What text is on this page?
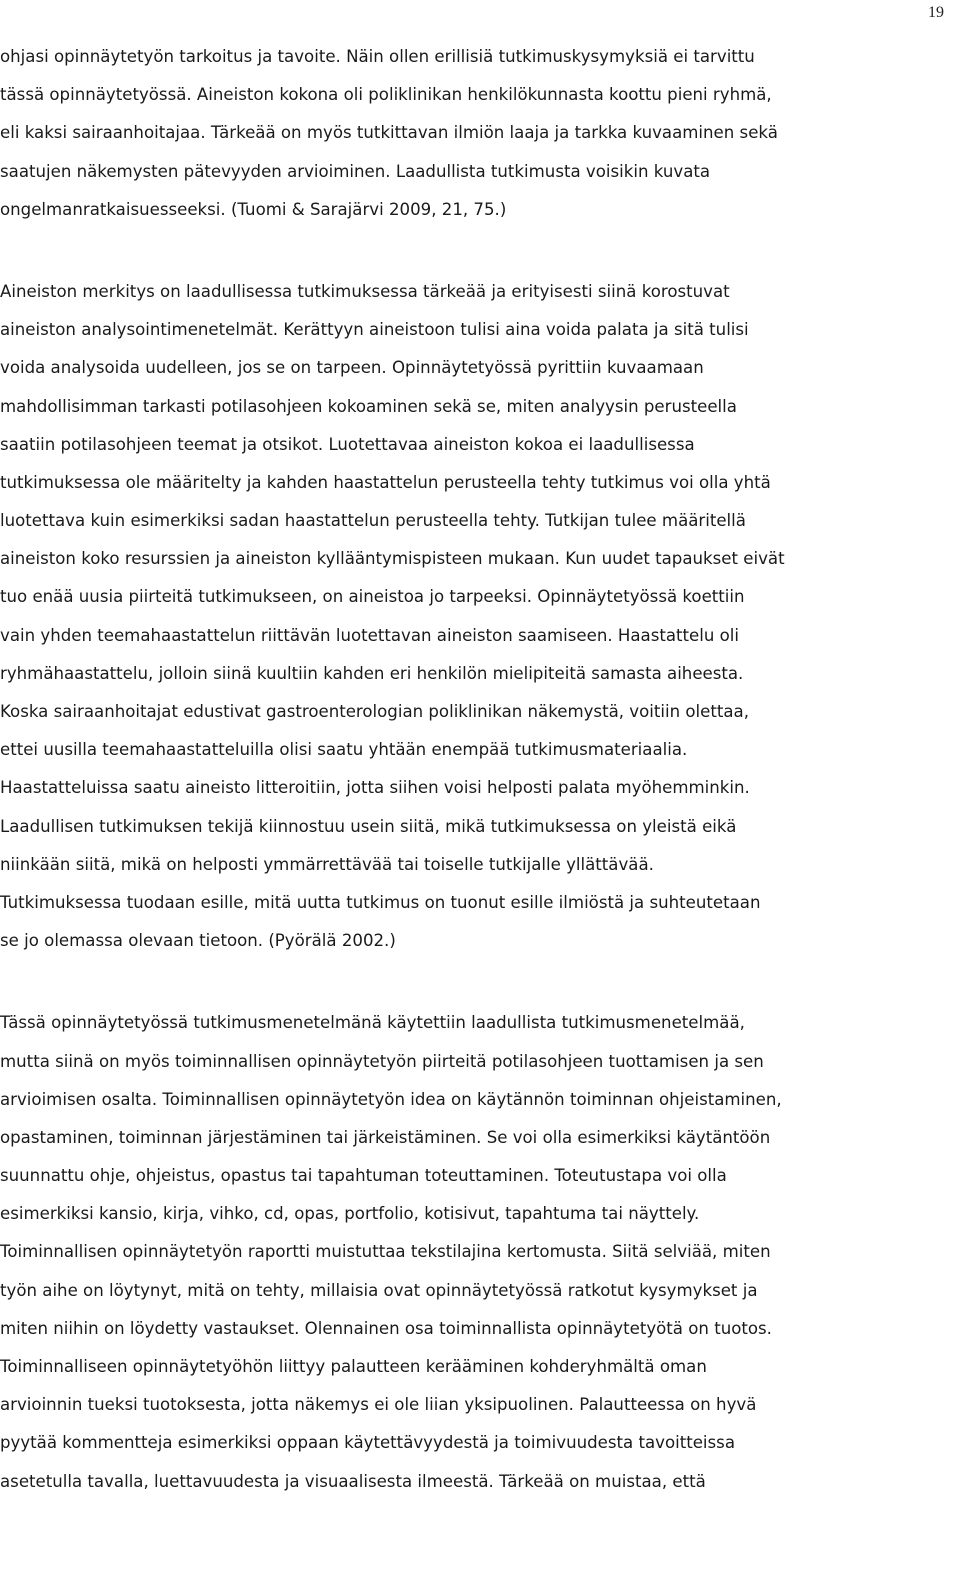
19

ohjasi opinnäytetyön tarkoitus ja tavoite. Näin ollen erillisiä tutkimuskysymyksiä ei tarvittu
tässä opinnäytetyössä. Aineiston kokona oli poliklinikan henkilökunnasta koottu pieni ryhmä,
eli kaksi sairaanhoitajaa. Tärkeää on myös tutkittavan ilmiön laaja ja tarkka kuvaaminen sekä
saatujen näkemysten pätevyyden arvioiminen. Laadullista tutkimusta voisikin kuvata
ongelmanratkaisuesseeksi. (Tuomi & Sarajärvi 2009, 21, 75.)

Aineiston merkitys on laadullisessa tutkimuksessa tärkeää ja erityisesti siinä korostuvat
aineiston analysointimenetelmät. Kerättyyn aineistoon tulisi aina voida palata ja sitä tulisi
voida analysoida uudelleen, jos se on tarpeen. Opinnäytetyössä pyrittiin kuvaamaan
mahdollisimman tarkasti potilasohjeen kokoaminen sekä se, miten analyysin perusteella
saatiin potilasohjeen teemat ja otsikot. Luotettavaa aineiston kokoa ei laadullisessa
tutkimuksessa ole määritelty ja kahden haastattelun perusteella tehty tutkimus voi olla yhtä
luotettava kuin esimerkiksi sadan haastattelun perusteella tehty. Tutkijan tulee määritellä
aineiston koko resurssien ja aineiston kyllääntymispisteen mukaan. Kun uudet tapaukset eivät
tuo enää uusia piirteitä tutkimukseen, on aineistoa jo tarpeeksi. Opinnäytetyössä koettiin
vain yhden teemahaastattelun riittävän luotettavan aineiston saamiseen. Haastattelu oli
ryhmähaastattelu, jolloin siinä kuultiin kahden eri henkilön mielipiteitä samasta aiheesta.
Koska sairaanhoitajat edustivat gastroenterologian poliklinikan näkemystä, voitiin olettaa,
ettei uusilla teemahaastatteluilla olisi saatu yhtään enempää tutkimusmateriaalia.
Haastatteluissa saatu aineisto litteroitiin, jotta siihen voisi helposti palata myöhemminkin.
Laadullisen tutkimuksen tekijä kiinnostuu usein siitä, mikä tutkimuksessa on yleistä eikä
niinkään siitä, mikä on helposti ymmärrettävää tai toiselle tutkijalle yllättävää.
Tutkimuksessa tuodaan esille, mitä uutta tutkimus on tuonut esille ilmiöstä ja suhteutetaan
se jo olemassa olevaan tietoon. (Pyörälä 2002.)

Tässä opinnäytetyössä tutkimusmenetelmänä käytettiin laadullista tutkimusmenetelmää,
mutta siinä on myös toiminnallisen opinnäytetyön piirteitä potilasohjeen tuottamisen ja sen
arvioimisen osalta. Toiminnallisen opinnäytetyön idea on käytännön toiminnan ohjeistaminen,
opastaminen, toiminnan järjestäminen tai järkeistäminen. Se voi olla esimerkiksi käytäntöön
suunnattu ohje, ohjeistus, opastus tai tapahtuman toteuttaminen. Toteutustapa voi olla
esimerkiksi kansio, kirja, vihko, cd, opas, portfolio, kotisivut, tapahtuma tai näyttely.
Toiminnallisen opinnäytetyön raportti muistuttaa tekstilajina kertomusta. Siitä selviää, miten
työn aihe on löytynyt, mitä on tehty, millaisia ovat opinnäytetyössä ratkotut kysymykset ja
miten niihin on löydetty vastaukset. Olennainen osa toiminnallista opinnäytetyötä on tuotos.
Toiminnalliseen opinnäytetyöhön liittyy palautteen kerääminen kohderyhmältä oman
arvioinnin tueksi tuotoksesta, jotta näkemys ei ole liian yksipuolinen. Palautteessa on hyvä
pyytää kommentteja esimerkiksi oppaan käytettävyydestä ja toimivuudesta tavoitteissa
asetetulla tavalla, luettavuudesta ja visuaalisesta ilmeestä. Tärkeää on muistaa, että
